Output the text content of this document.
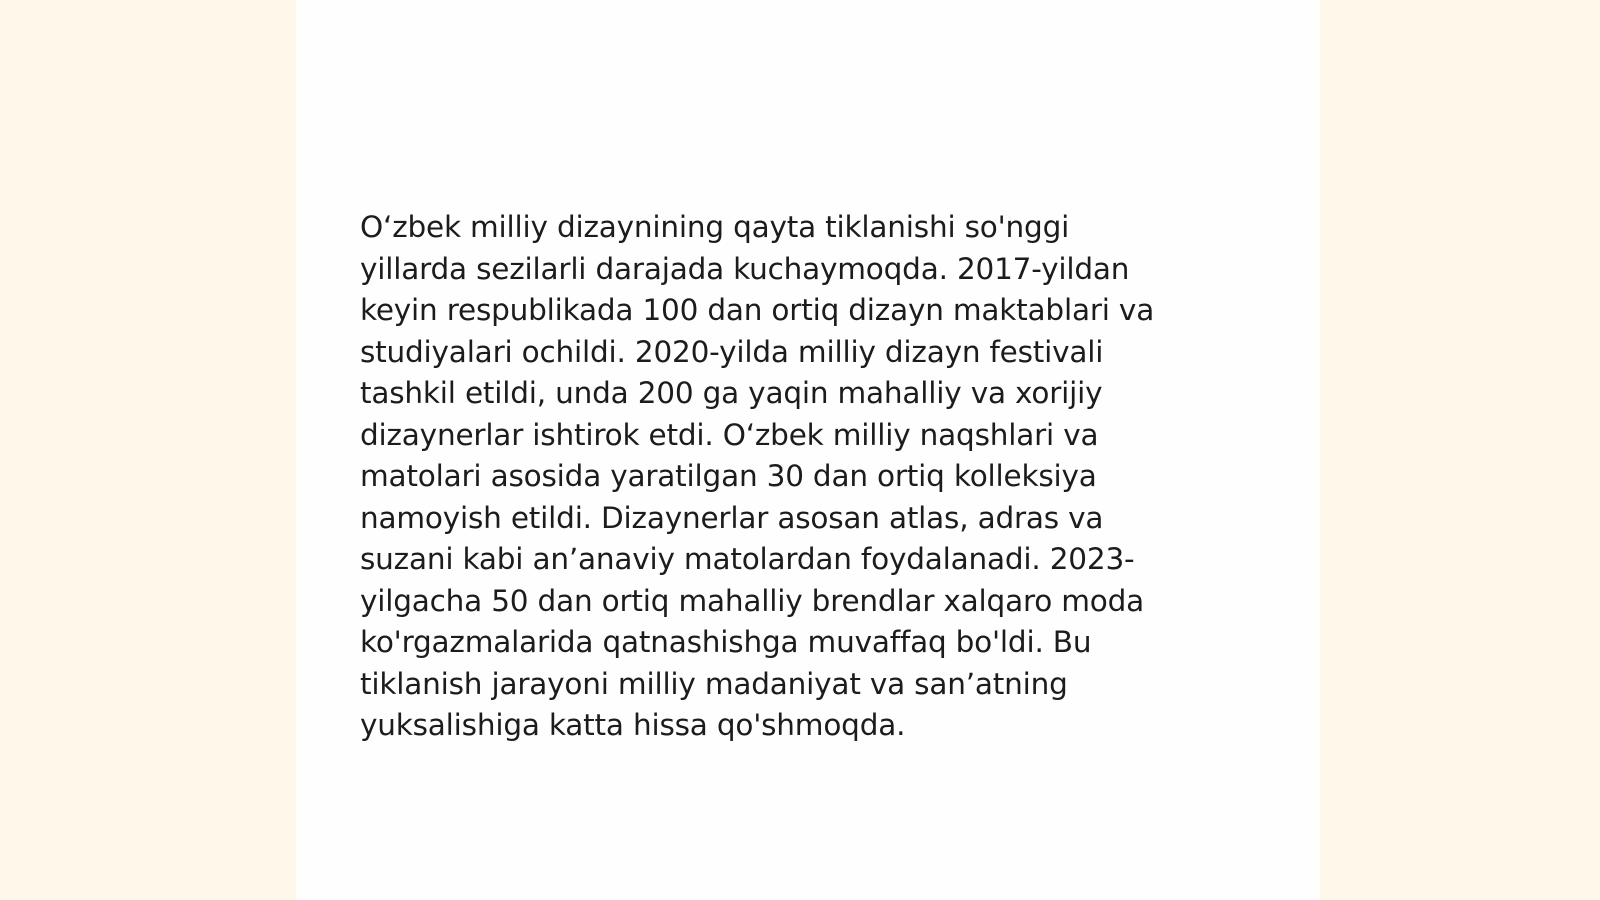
O‘zbek milliy dizaynining qayta tiklanishi so'nggi
yillarda sezilarli darajada kuchaymoqda. 2017-yildan
keyin respublikada 100 dan ortiq dizayn maktablari va
studiyalari ochildi. 2020-yilda milliy dizayn festivali
tashkil etildi, unda 200 ga yaqin mahalliy va xorijiy
dizaynerlar ishtirok etdi. O‘zbek milliy naqshlari va
matolari asosida yaratilgan 30 dan ortiq kolleksiya
namoyish etildi. Dizaynerlar asosan atlas, adras va
suzani kabi an’anaviy matolardan foydalanadi. 2023-
yilgacha 50 dan ortiq mahalliy brendlar xalqaro moda
ko'rgazmalarida qatnashishga muvaffaq bo'ldi. Bu
tiklanish jarayoni milliy madaniyat va san’atning
yuksalishiga katta hissa qo'shmoqda.
